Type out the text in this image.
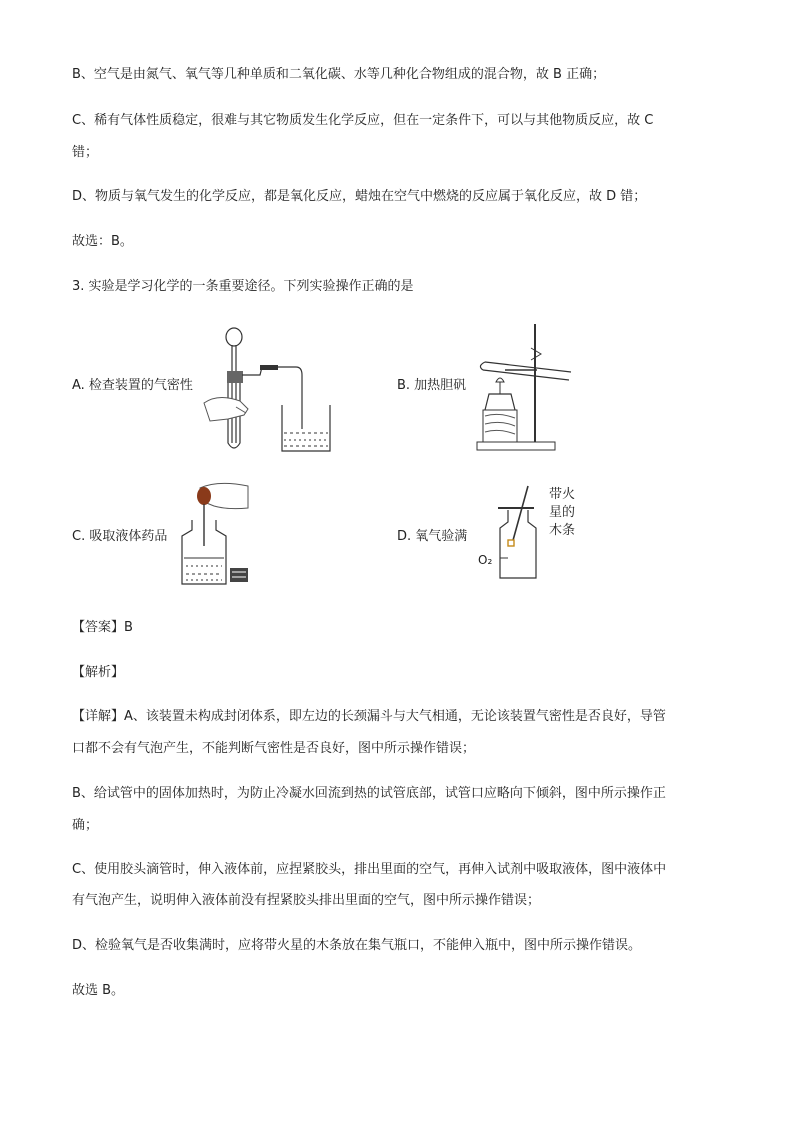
B、空气是由氮气、氧气等几种单质和二氧化碳、水等几种化合物组成的混合物，故 B 正确；
C、稀有气体性质稳定，很难与其它物质发生化学反应，但在一定条件下，可以与其他物质反应，故 C
错；
D、物质与氧气发生的化学反应，都是氧化反应，蜡烛在空气中燃烧的反应属于氧化反应，故 D 错；
故选：B。
3. 实验是学习化学的一条重要途径。下列实验操作正确的是
A. 检查装置的气密性	B. 加热胆矾
C. 吸取液体药品	D. 氧气验满
带火
星的
木条
O₂
【答案】B
【解析】
【详解】A、该装置未构成封闭体系，即左边的长颈漏斗与大气相通，无论该装置气密性是否良好，导管
口都不会有气泡产生，不能判断气密性是否良好，图中所示操作错误；
B、给试管中的固体加热时，为防止冷凝水回流到热的试管底部，试管口应略向下倾斜，图中所示操作正
确；
C、使用胶头滴管时，伸入液体前，应捏紧胶头，排出里面的空气，再伸入试剂中吸取液体，图中液体中
有气泡产生，说明伸入液体前没有捏紧胶头排出里面的空气，图中所示操作错误；
D、检验氧气是否收集满时，应将带火星的木条放在集气瓶口，不能伸入瓶中，图中所示操作错误。
故选 B。
